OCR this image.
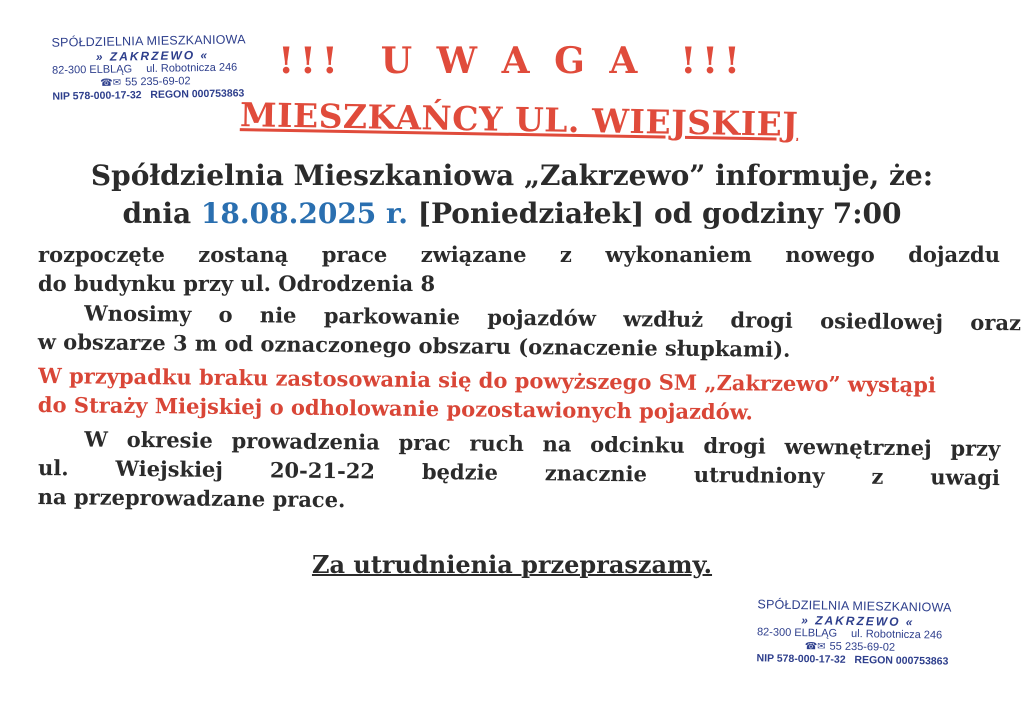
SPÓŁDZIELNIA MIESZKANIOWA
» ZAKRZEWO «
82-300 ELBLĄG ul. Robotnicza 246
☎✉ 55 235-69-02
NIP 578-000-17-32 REGON 000753863
!!!  U W A G A  !!!
MIESZKAŃCY UL. WIEJSKIEJ
Spółdzielnia Mieszkaniowa „Zakrzewo” informuje, że:
dnia 18.08.2025 r. [Poniedziałek] od godziny 7:00
rozpoczęte zostaną prace związane z wykonaniem nowego dojazdu
do budynku przy ul. Odrodzenia 8
Wnosimy o nie parkowanie pojazdów wzdłuż drogi osiedlowej oraz
w obszarze 3 m od oznaczonego obszaru (oznaczenie słupkami).
W przypadku braku zastosowania się do powyższego SM „Zakrzewo” wystąpi
do Straży Miejskiej o odholowanie pozostawionych pojazdów.
W okresie prowadzenia prac ruch na odcinku drogi wewnętrznej przy
ul. Wiejskiej 20-21-22 będzie znacznie utrudniony z uwagi
na przeprowadzane prace.
Za utrudnienia przepraszamy.
SPÓŁDZIELNIA MIESZKANIOWA
» ZAKRZEWO «
82-300 ELBLĄG ul. Robotnicza 246
☎✉ 55 235-69-02
NIP 578-000-17-32 REGON 000753863
